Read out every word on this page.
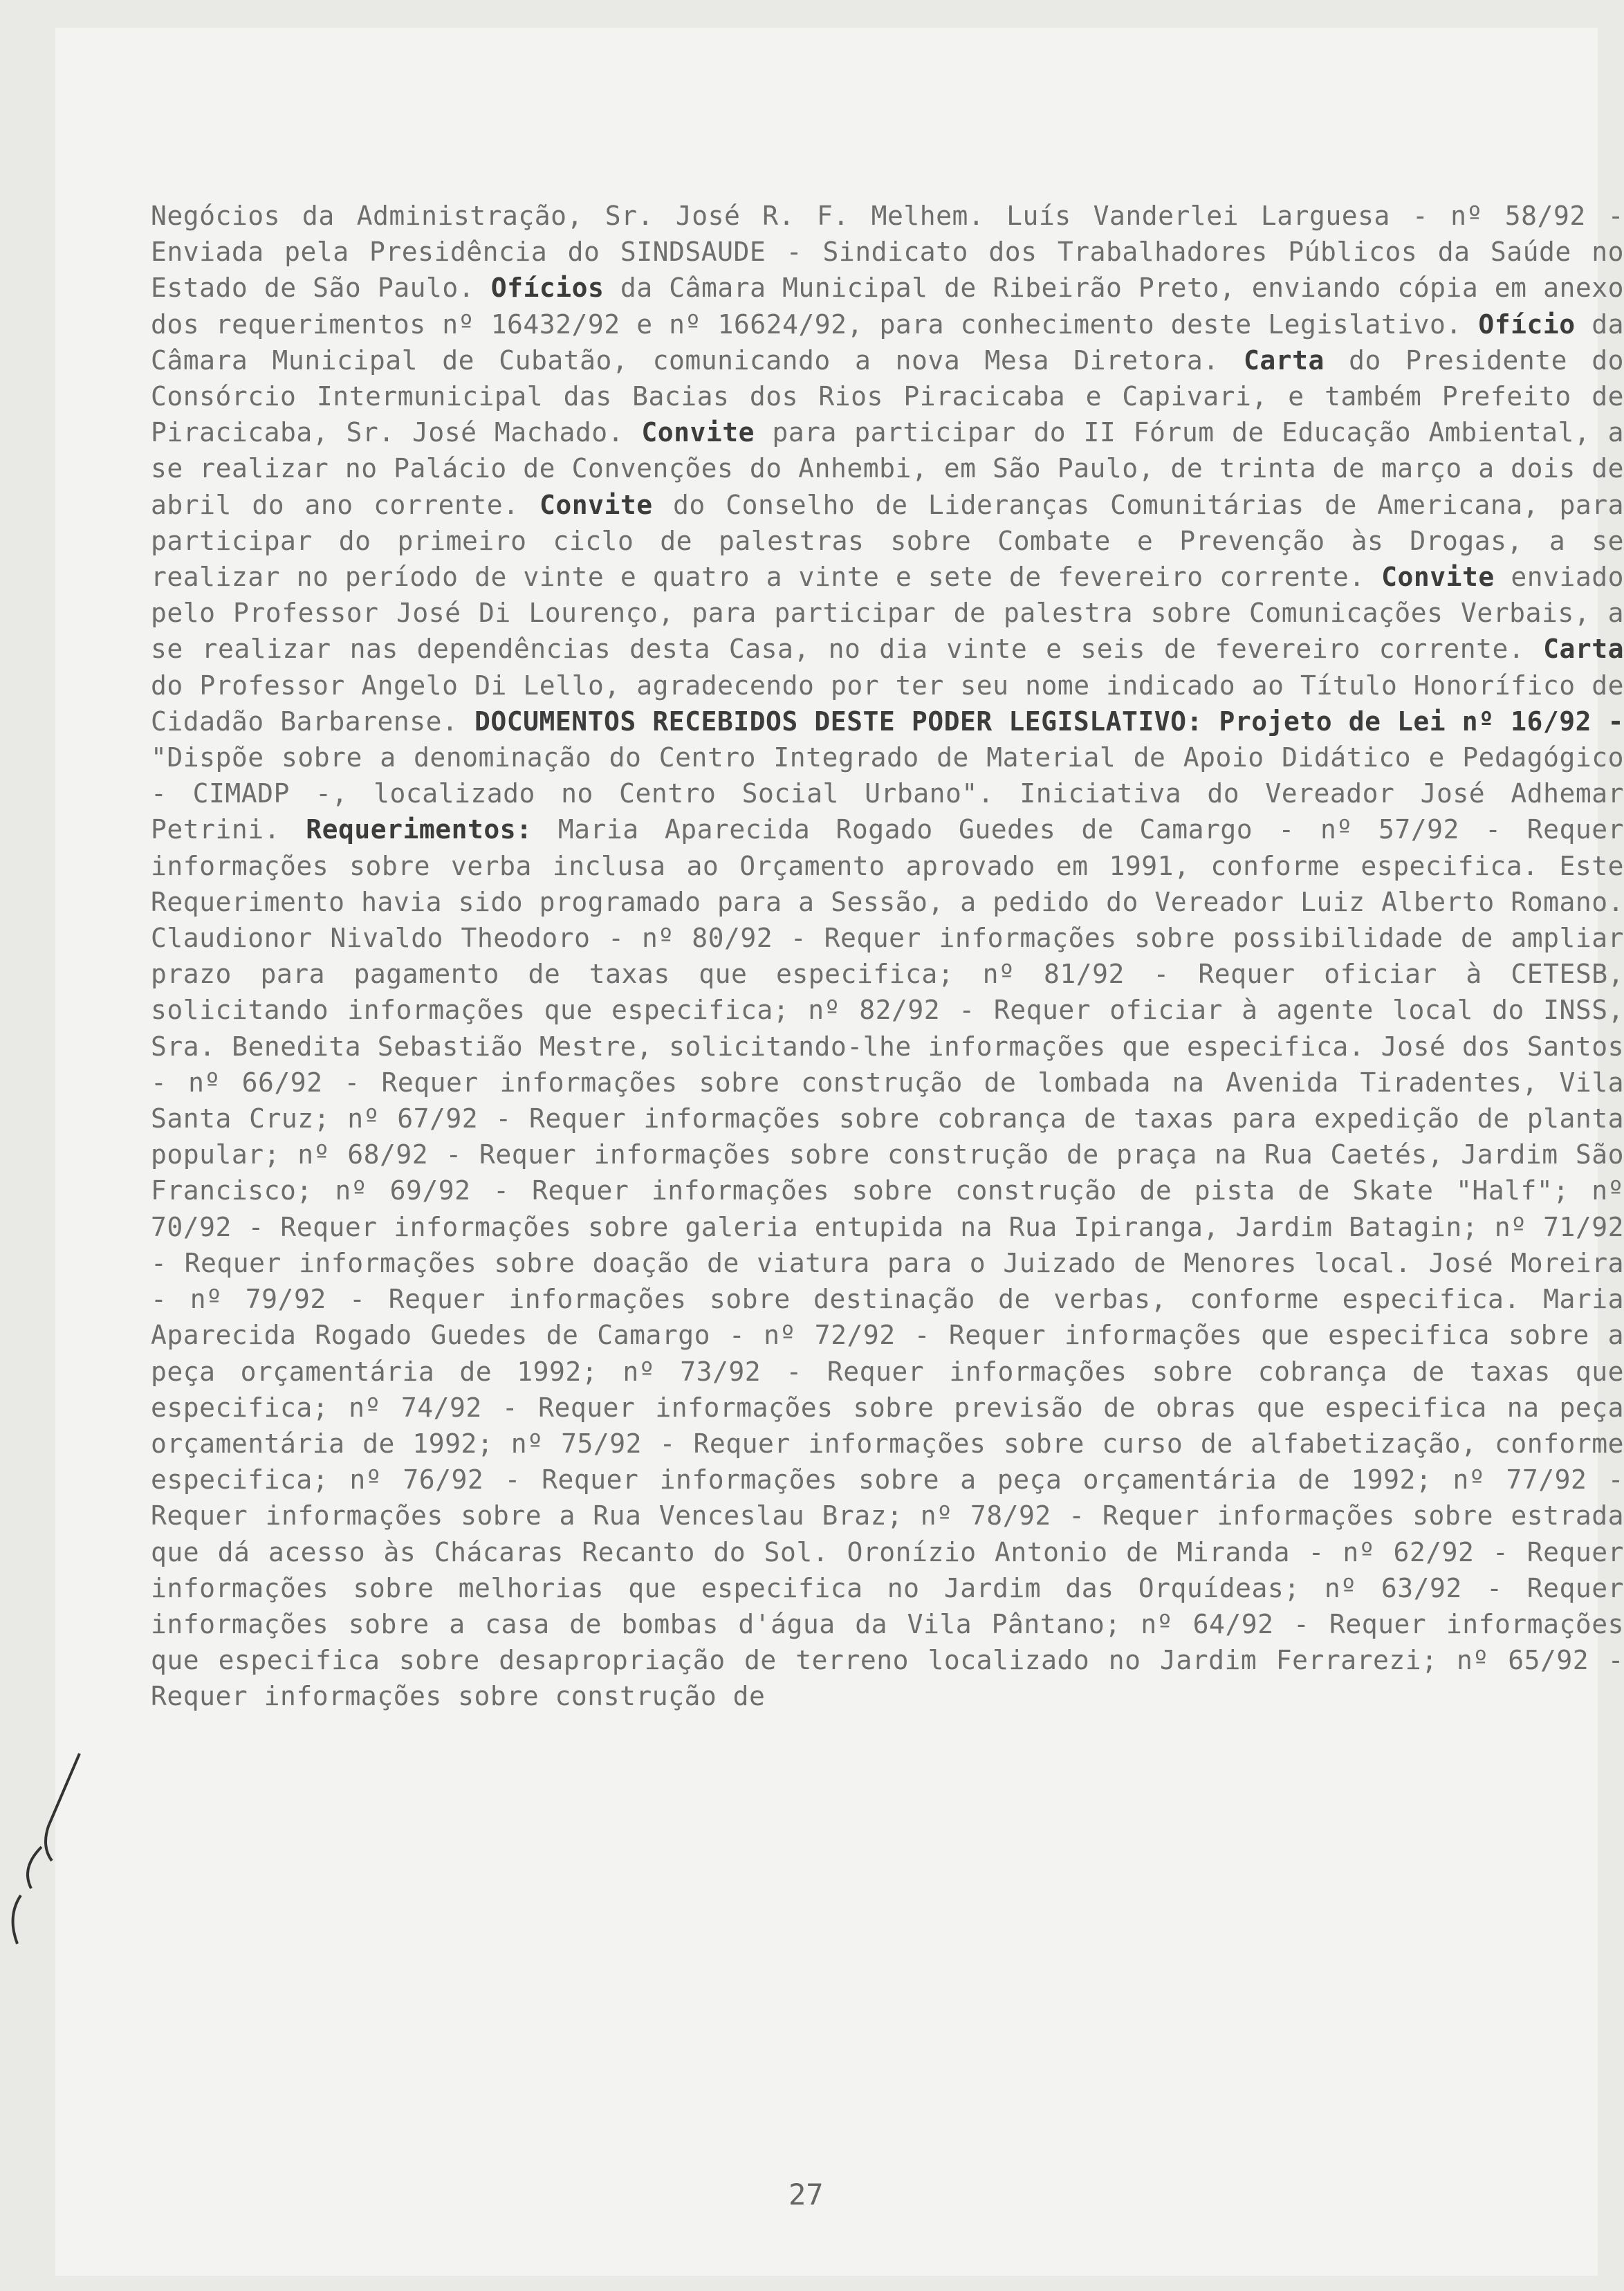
Negócios da Administração, Sr. José R. F. Melhem. Luís Vanderlei Larguesa - nº 58/92 - Enviada pela Presidência do SINDSAUDE - Sindicato dos Trabalhadores Públicos da Saúde no Estado de São Paulo. Ofícios da Câmara Municipal de Ribeirão Preto, enviando cópia em anexo dos requerimentos nº 16432/92 e nº 16624/92, para conhecimento deste Legislativo. Ofício da Câmara Municipal de Cubatão, comunicando a nova Mesa Diretora. Carta do Presidente do Consórcio Intermunicipal das Bacias dos Rios Piracicaba e Capivari, e também Prefeito de Piracicaba, Sr. José Machado. Convite para participar do II Fórum de Educação Ambiental, a se realizar no Palácio de Convenções do Anhembi, em São Paulo, de trinta de março a dois de abril do ano corrente. Convite do Conselho de Lideranças Comunitárias de Americana, para participar do primeiro ciclo de palestras sobre Combate e Prevenção às Drogas, a se realizar no período de vinte e quatro a vinte e sete de fevereiro corrente. Convite enviado pelo Professor José Di Lourenço, para participar de palestra sobre Comunicações Verbais, a se realizar nas dependências desta Casa, no dia vinte e seis de fevereiro corrente. Carta do Professor Angelo Di Lello, agradecendo por ter seu nome indicado ao Título Honorífico de Cidadão Barbarense. DOCUMENTOS RECEBIDOS DESTE PODER LEGISLATIVO: Projeto de Lei nº 16/92 - "Dispõe sobre a denominação do Centro Integrado de Material de Apoio Didático e Pedagógico - CIMADP -, localizado no Centro Social Urbano". Iniciativa do Vereador José Adhemar Petrini. Requerimentos: Maria Aparecida Rogado Guedes de Camargo - nº 57/92 - Requer informações sobre verba inclusa ao Orçamento aprovado em 1991, conforme especifica. Este Requerimento havia sido programado para a Sessão, a pedido do Vereador Luiz Alberto Romano. Claudionor Nivaldo Theodoro - nº 80/92 - Requer informações sobre possibilidade de ampliar prazo para pagamento de taxas que especifica; nº 81/92 - Requer oficiar à CETESB, solicitando informações que especifica; nº 82/92 - Requer oficiar à agente local do INSS, Sra. Benedita Sebastião Mestre, solicitando-lhe informações que especifica. José dos Santos - nº 66/92 - Requer informações sobre construção de lombada na Avenida Tiradentes, Vila Santa Cruz; nº 67/92 - Requer informações sobre cobrança de taxas para expedição de planta popular; nº 68/92 - Requer informações sobre construção de praça na Rua Caetés, Jardim São Francisco; nº 69/92 - Requer informações sobre construção de pista de Skate "Half"; nº 70/92 - Requer informações sobre galeria entupida na Rua Ipiranga, Jardim Batagin; nº 71/92 - Requer informações sobre doação de viatura para o Juizado de Menores local. José Moreira - nº 79/92 - Requer informações sobre destinação de verbas, conforme especifica. Maria Aparecida Rogado Guedes de Camargo - nº 72/92 - Requer informações que especifica sobre a peça orçamentária de 1992; nº 73/92 - Requer informações sobre cobrança de taxas que especifica; nº 74/92 - Requer informações sobre previsão de obras que especifica na peça orçamentária de 1992; nº 75/92 - Requer informações sobre curso de alfabetização, conforme especifica; nº 76/92 - Requer informações sobre a peça orçamentária de 1992; nº 77/92 - Requer informações sobre a Rua Venceslau Braz; nº 78/92 - Requer informações sobre estrada que dá acesso às Chácaras Recanto do Sol. Oronízio Antonio de Miranda - nº 62/92 - Requer informações sobre melhorias que especifica no Jardim das Orquídeas; nº 63/92 - Requer informações sobre a casa de bombas d'água da Vila Pântano; nº 64/92 - Requer informações que especifica sobre desapropriação de terreno localizado no Jardim Ferrarezi; nº 65/92 - Requer informações sobre construção de
27
